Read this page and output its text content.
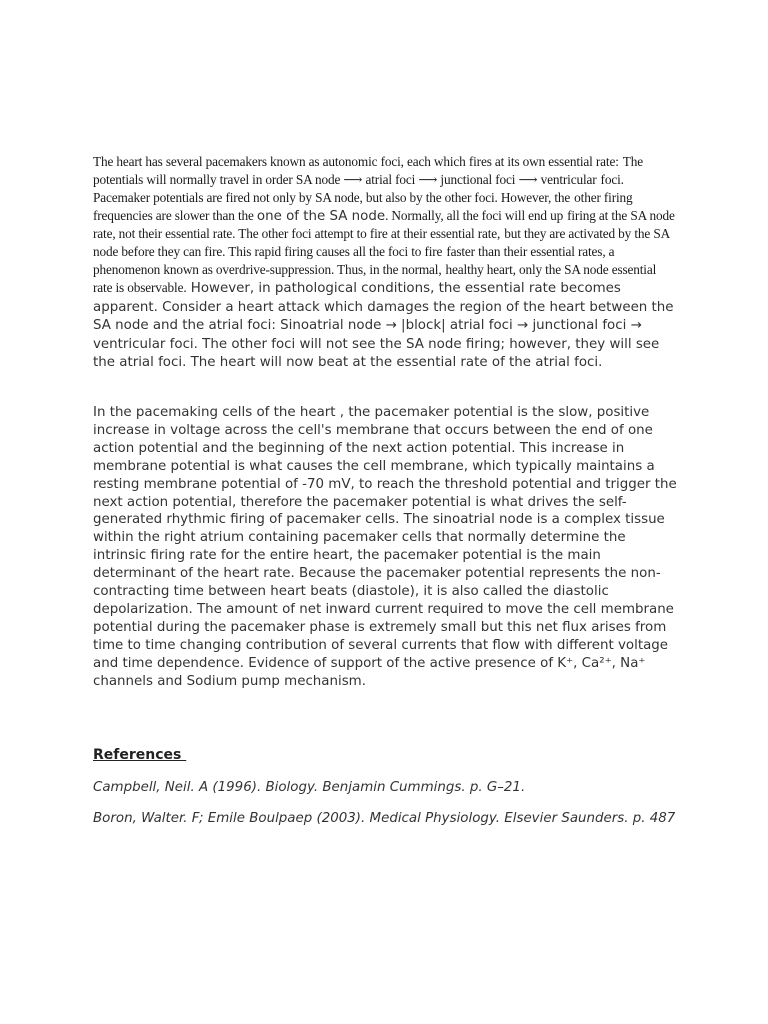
The heart has several pacemakers known as autonomic foci, each which fires at its own essential rate: The potentials will normally travel in order SA node ⟶ atrial foci ⟶ junctional foci ⟶ ventricular foci. Pacemaker potentials are fired not only by SA node, but also by the other foci. However, the other firing frequencies are slower than the one of the SA node. Normally, all the foci will end up firing at the SA node rate, not their essential rate. The other foci attempt to fire at their essential rate, but they are activated by the SA node before they can fire. This rapid firing causes all the foci to fire faster than their essential rates, a phenomenon known as overdrive-suppression. Thus, in the normal, healthy heart, only the SA node essential rate is observable. However, in pathological conditions, the essential rate becomes apparent. Consider a heart attack which damages the region of the heart between the SA node and the atrial foci: Sinoatrial node → |block| atrial foci → junctional foci → ventricular foci. The other foci will not see the SA node firing; however, they will see the atrial foci. The heart will now beat at the essential rate of the atrial foci.

In the pacemaking cells of the heart , the pacemaker potential is the slow, positive increase in voltage across the cell's membrane that occurs between the end of one action potential and the beginning of the next action potential. This increase in membrane potential is what causes the cell membrane, which typically maintains a resting membrane potential of -70 mV, to reach the threshold potential and trigger the next action potential, therefore the pacemaker potential is what drives the self-generated rhythmic firing of pacemaker cells. The sinoatrial node is a complex tissue within the right atrium containing pacemaker cells that normally determine the intrinsic firing rate for the entire heart, the pacemaker potential is the main determinant of the heart rate. Because the pacemaker potential represents the non-contracting time between heart beats (diastole), it is also called the diastolic depolarization. The amount of net inward current required to move the cell membrane potential during the pacemaker phase is extremely small but this net flux arises from time to time changing contribution of several currents that flow with different voltage and time dependence. Evidence of support of the active presence of K⁺, Ca²⁺, Na⁺ channels and Sodium pump mechanism.

References

Campbell, Neil. A (1996). Biology. Benjamin Cummings. p. G–21.

Boron, Walter. F; Emile Boulpaep (2003). Medical Physiology. Elsevier Saunders. p. 487
